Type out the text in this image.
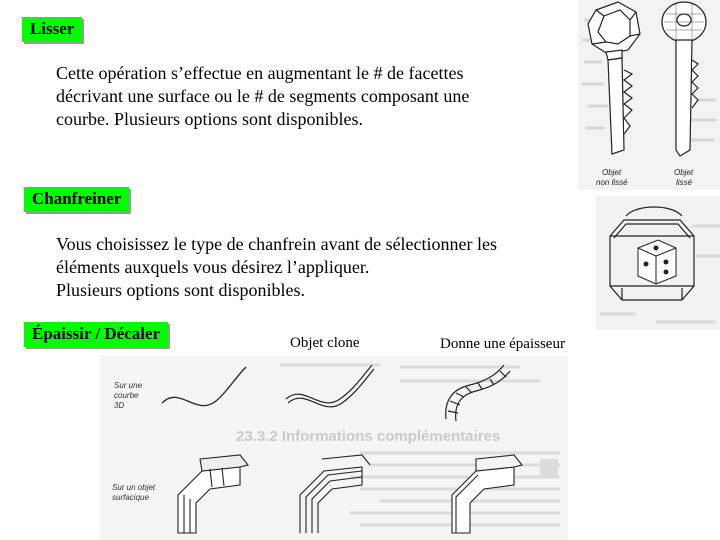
Lisser

Cette opération s’effectue en augmentant le # de facettes
décrivant une surface ou le # de segments composant une
courbe. Plusieurs options sont disponibles.

Chanfreiner

Vous choisissez le type de chanfrein avant de sélectionner les
éléments auxquels vous désirez l’appliquer.
Plusieurs options sont disponibles.

Épaissir / Décaler	Objet clone	Donne une épaisseur
Objet
non lissé
Objet
lissé
23.3.2 Informations complémentaires
Sur une
courbe
3D
Sur un objet
surfacique
